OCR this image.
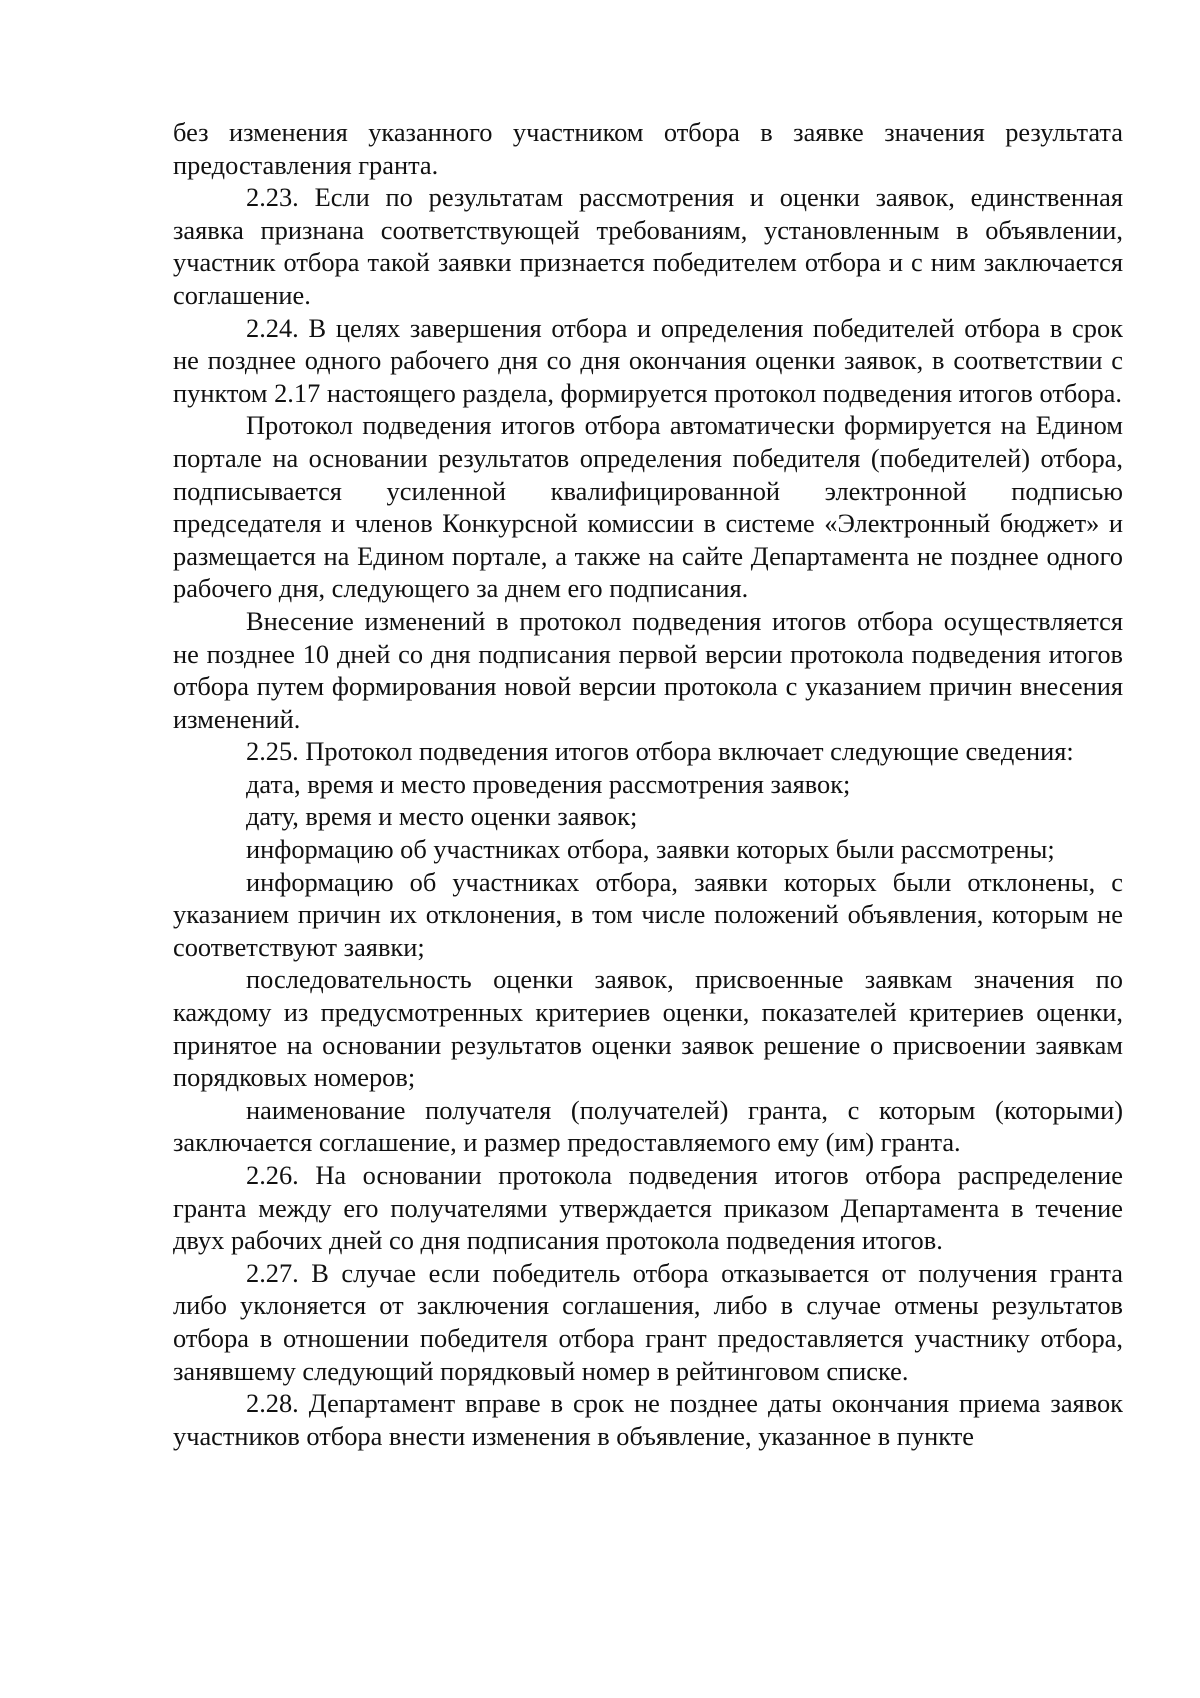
без изменения указанного участником отбора в заявке значения результата предоставления гранта.

2.23. Если по результатам рассмотрения и оценки заявок, единственная заявка признана соответствующей требованиям, установленным в объявлении, участник отбора такой заявки признается победителем отбора и с ним заключается соглашение.

2.24. В целях завершения отбора и определения победителей отбора в срок не позднее одного рабочего дня со дня окончания оценки заявок, в соответствии с пунктом 2.17 настоящего раздела, формируется протокол подведения итогов отбора.

Протокол подведения итогов отбора автоматически формируется на Едином портале на основании результатов определения победителя (победителей) отбора, подписывается усиленной квалифицированной электронной подписью председателя и членов Конкурсной комиссии в системе «Электронный бюджет» и размещается на Едином портале, а также на сайте Департамента не позднее одного рабочего дня, следующего за днем его подписания.

Внесение изменений в протокол подведения итогов отбора осуществляется не позднее 10 дней со дня подписания первой версии протокола подведения итогов отбора путем формирования новой версии протокола с указанием причин внесения изменений.

2.25. Протокол подведения итогов отбора включает следующие сведения:

дата, время и место проведения рассмотрения заявок;

дату, время и место оценки заявок;

информацию об участниках отбора, заявки которых были рассмотрены;

информацию об участниках отбора, заявки которых были отклонены, с указанием причин их отклонения, в том числе положений объявления, которым не соответствуют заявки;

последовательность оценки заявок, присвоенные заявкам значения по каждому из предусмотренных критериев оценки, показателей критериев оценки, принятое на основании результатов оценки заявок решение о присвоении заявкам порядковых номеров;

наименование получателя (получателей) гранта, с которым (которыми) заключается соглашение, и размер предоставляемого ему (им) гранта.

2.26. На основании протокола подведения итогов отбора распределение гранта между его получателями утверждается приказом Департамента в течение двух рабочих дней со дня подписания протокола подведения итогов.

2.27. В случае если победитель отбора отказывается от получения гранта либо уклоняется от заключения соглашения, либо в случае отмены результатов отбора в отношении победителя отбора грант предоставляется участнику отбора, занявшему следующий порядковый номер в рейтинговом списке.

2.28. Департамент вправе в срок не позднее даты окончания приема заявок участников отбора внести изменения в объявление, указанное в пункте
